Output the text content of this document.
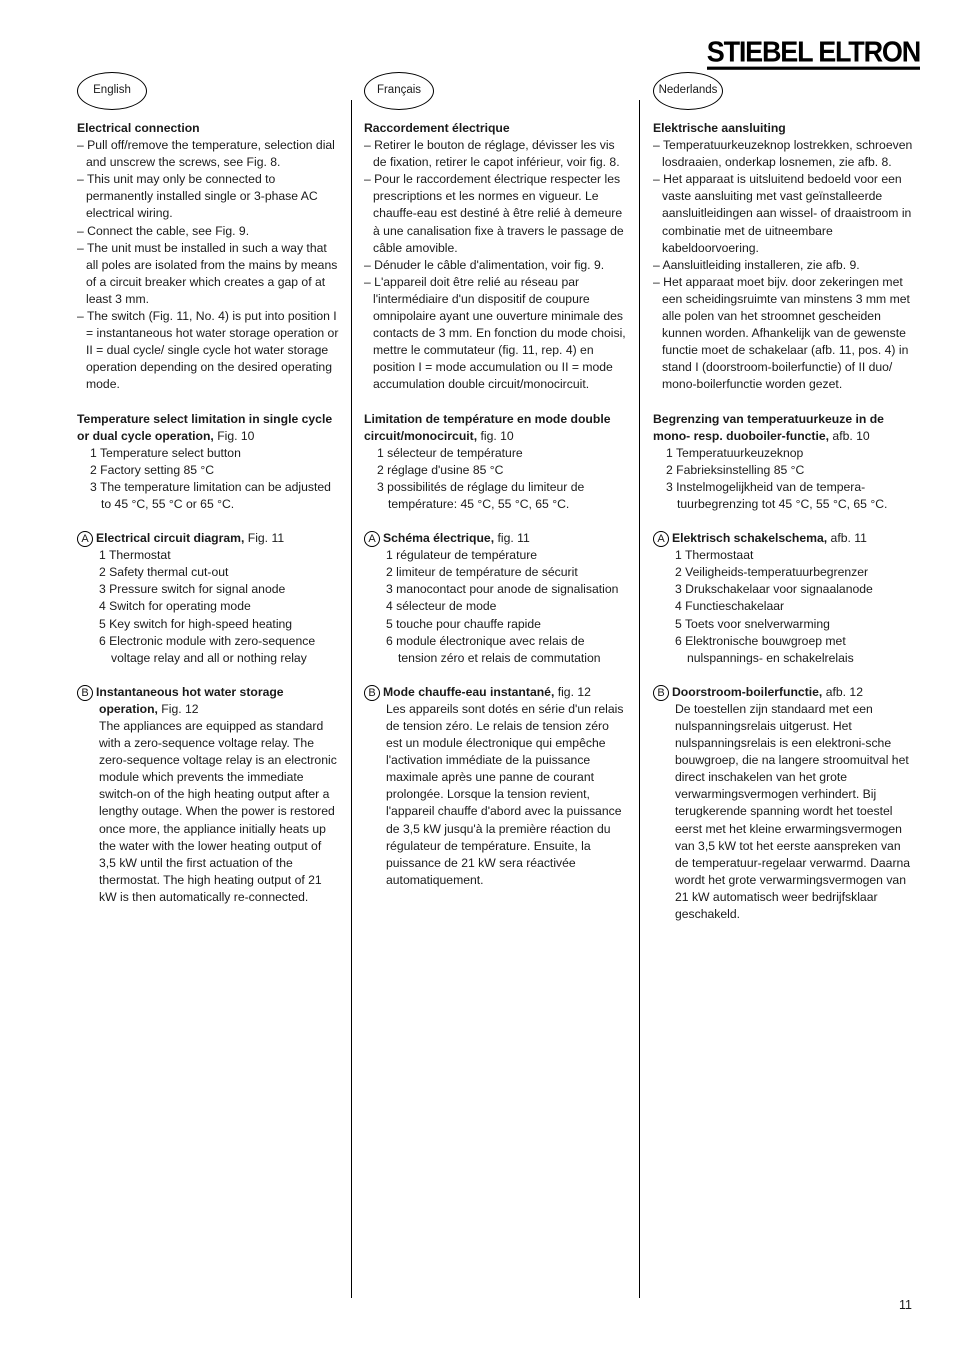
STIEBEL ELTRON
English
Electrical connection
– Pull off/remove the temperature, selection dial and unscrew the screws, see Fig. 8.
– This unit may only be connected to permanently installed single or 3-phase AC electrical wiring.
– Connect the cable, see Fig. 9.
– The unit must be installed in such a way that all poles are isolated from the mains by means of a circuit breaker which creates a gap of at least 3 mm.
– The switch (Fig. 11, No. 4) is put into position I = instantaneous hot water storage operation or II = dual cycle/ single cycle hot water storage operation depending on the desired operating mode.
Temperature select limitation in single cycle or dual cycle operation, Fig. 10
1 Temperature select button
2 Factory setting 85 °C
3 The temperature limitation can be adjusted to 45 °C, 55 °C or 65 °C.
A Electrical circuit diagram, Fig. 11
1 Thermostat
2 Safety thermal cut-out
3 Pressure switch for signal anode
4 Switch for operating mode
5 Key switch for high-speed heating
6 Electronic module with zero-sequence voltage relay and all or nothing relay
B Instantaneous hot water storage operation, Fig. 12
The appliances are equipped as standard with a zero-sequence voltage relay. The zero-sequence voltage relay is an electronic module which prevents the immediate switch-on of the high heating output after a lengthy outage. When the power is restored once more, the appliance initially heats up the water with the lower heating output of 3,5 kW until the first actuation of the thermostat. The high heating output of 21 kW is then automatically re-connected.
Français
Raccordement électrique
– Retirer le bouton de réglage, dévisser les vis de fixation, retirer le capot inférieur, voir fig. 8.
– Pour le raccordement électrique respecter les prescriptions et les normes en vigueur. Le chauffe-eau est destiné à être relié à demeure à une canalisation fixe à travers le passage de câble amovible.
– Dénuder le câble d'alimentation, voir fig. 9.
– L'appareil doit être relié au réseau par l'intermédiaire d'un dispositif de coupure omnipolaire ayant une ouverture minimale des contacts de 3 mm. En fonction du mode choisi, mettre le commutateur (fig. 11, rep. 4) en position I = mode accumulation ou II = mode accumulation double circuit/monocircuit.
Limitation de température en mode double circuit/monocircuit, fig. 10
1 sélecteur de température
2 réglage d'usine 85 °C
3 possibilités de réglage du limiteur de température: 45 °C, 55 °C, 65 °C.
A Schéma électrique, fig. 11
1 régulateur de température
2 limiteur de température de sécurit
3 manocontact pour anode de signalisation
4 sélecteur de mode
5 touche pour chauffe rapide
6 module électronique avec relais de tension zéro et relais de commutation
B Mode chauffe-eau instantané, fig. 12
Les appareils sont dotés en série d'un relais de tension zéro. Le relais de tension zéro est un module électronique qui empêche l'activation immédiate de la puissance maximale après une panne de courant prolongée. Lorsque la tension revient, l'appareil chauffe d'abord avec la puissance de 3,5 kW jusqu'à la première réaction du régulateur de température. Ensuite, la puissance de 21 kW sera réactivée automatiquement.
Nederlands
Elektrische aansluiting
– Temperatuurkeuzeknop lostrekken, schroeven losdraaien, onderkap losnemen, zie afb. 8.
– Het apparaat is uitsluitend bedoeld voor een vaste aansluiting met vast geïnstalleerde aansluitleidingen aan wissel- of draaistroom in combinatie met de uitneembare kabeldoorvoering.
– Aansluitleiding installeren, zie afb. 9.
– Het apparaat moet bijv. door zekeringen met een scheidingsruimte van minstens 3 mm met alle polen van het stroomnet gescheiden kunnen worden. Afhankelijk van de gewenste functie moet de schakelaar (afb. 11, pos. 4) in stand I (doorstroom-boilerfunctie) of II duo/ mono-boilerfunctie worden gezet.
Begrenzing van temperatuurkeuze in de mono- resp. duoboiler-functie, afb. 10
1 Temperatuurkeuzeknop
2 Fabrieksinstelling 85 °C
3 Instelmogelijkheid van de tempera-tuurbegrenzing tot 45 °C, 55 °C, 65 °C.
A Elektrisch schakelschema, afb. 11
1 Thermostaat
2 Veiligheids-temperatuurbegrenzer
3 Drukschakelaar voor signaalanode
4 Functieschakelaar
5 Toets voor snelverwarming
6 Elektronische bouwgroep met nulspannings- en schakelrelais
B Doorstroom-boilerfunctie, afb. 12
De toestellen zijn standaard met een nulspanningsrelais uitgerust. Het nulspanningsrelais is een elektroni-sche bouwgroep, die na langere stroomuitval het direct inschakelen van het grote verwarmingsvermogen verhindert. Bij terugkerende spanning wordt het toestel eerst met het kleine erwarmingsvermogen van 3,5 kW tot het eerste aanspreken van de temperatuur-regelaar verwarmd. Daarna wordt het grote verwarmingsvermogen van 21 kW automatisch weer bedrijfsklaar geschakeld.
11
